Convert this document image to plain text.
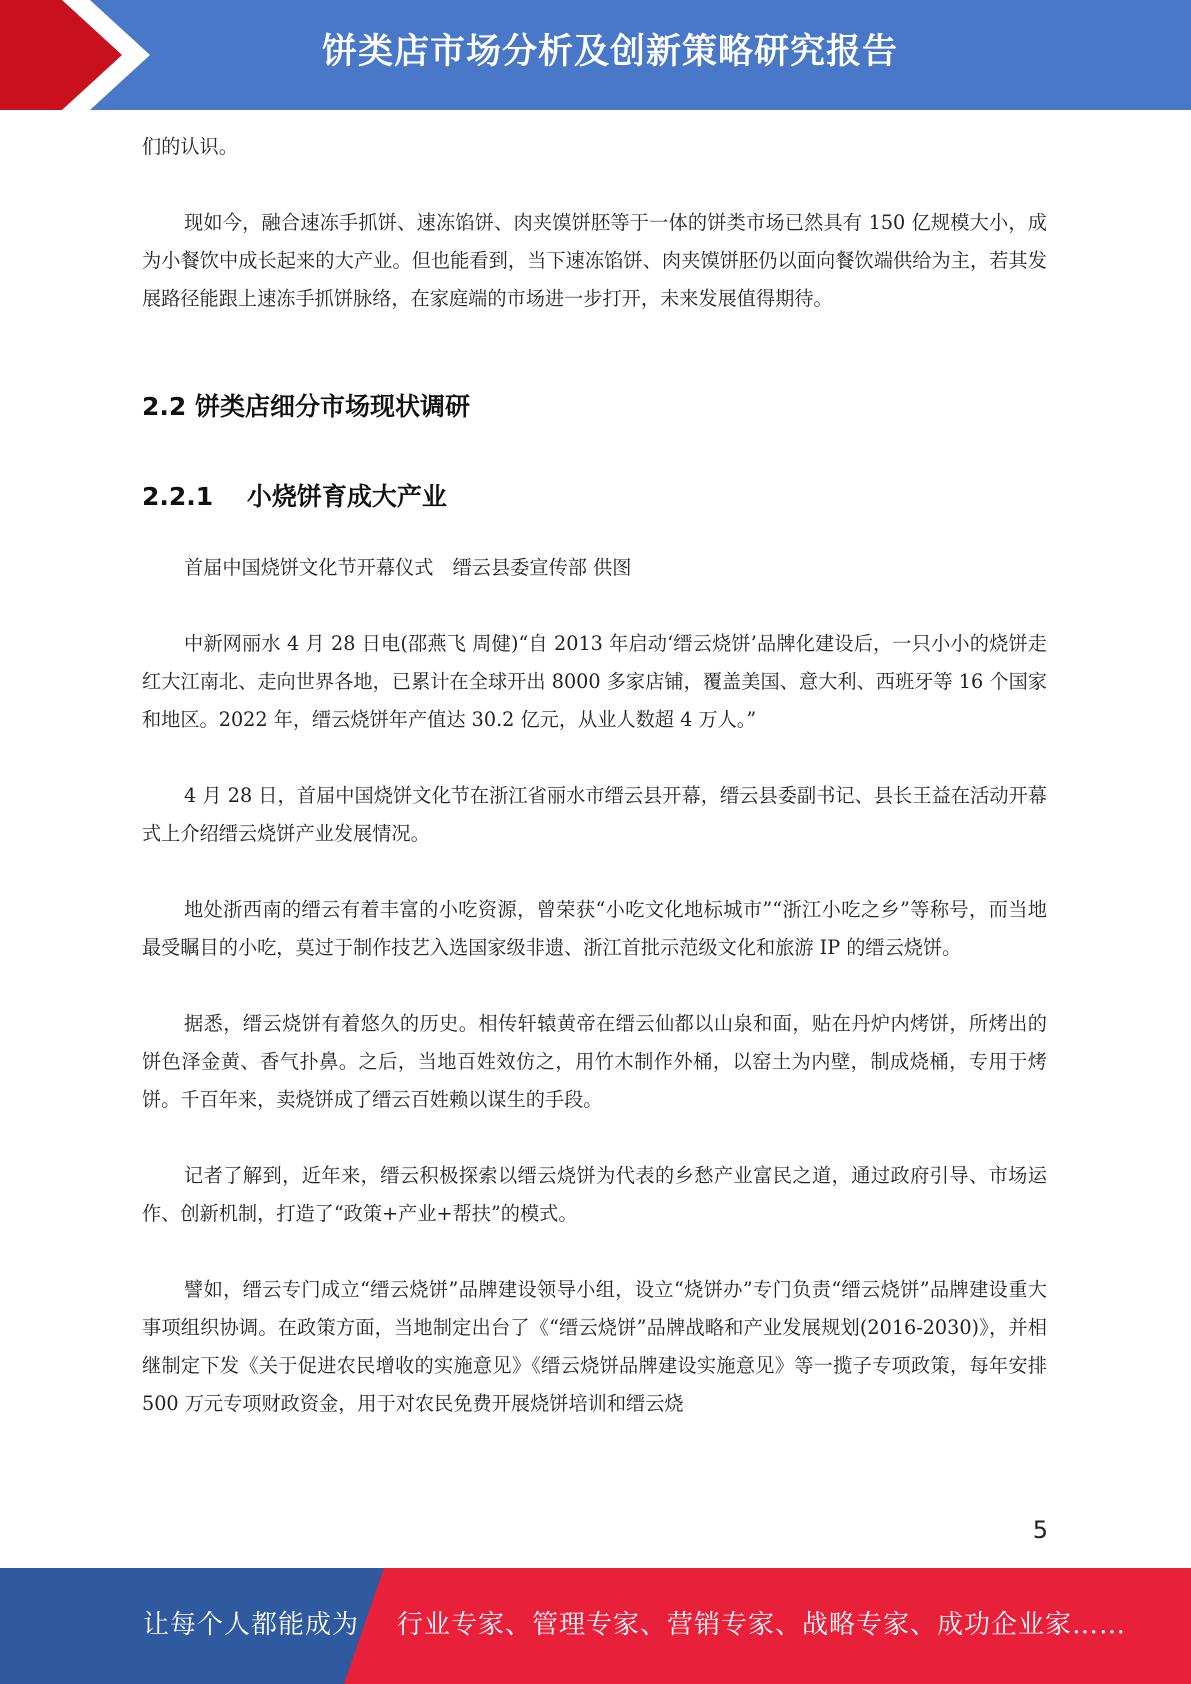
饼类店市场分析及创新策略研究报告

们的认识。

现如今，融合速冻手抓饼、速冻馅饼、肉夹馍饼胚等于一体的饼类市场已然具有 150 亿规模大小，成为小餐饮中成长起来的大产业。但也能看到，当下速冻馅饼、肉夹馍饼胚仍以面向餐饮端供给为主，若其发展路径能跟上速冻手抓饼脉络，在家庭端的市场进一步打开，未来发展值得期待。

2.2 饼类店细分市场现状调研
2.2.1　 小烧饼育成大产业

首届中国烧饼文化节开幕仪式　缙云县委宣传部 供图

中新网丽水 4 月 28 日电(邵燕飞 周健)“自 2013 年启动‘缙云烧饼’品牌化建设后，一只小小的烧饼走红大江南北、走向世界各地，已累计在全球开出 8000 多家店铺，覆盖美国、意大利、西班牙等 16 个国家和地区。2022 年，缙云烧饼年产值达 30.2 亿元，从业人数超 4 万人。”

4 月 28 日，首届中国烧饼文化节在浙江省丽水市缙云县开幕，缙云县委副书记、县长王益在活动开幕式上介绍缙云烧饼产业发展情况。

地处浙西南的缙云有着丰富的小吃资源，曾荣获“小吃文化地标城市”“浙江小吃之乡”等称号，而当地最受瞩目的小吃，莫过于制作技艺入选国家级非遗、浙江首批示范级文化和旅游 IP 的缙云烧饼。

据悉，缙云烧饼有着悠久的历史。相传轩辕黄帝在缙云仙都以山泉和面，贴在丹炉内烤饼，所烤出的饼色泽金黄、香气扑鼻。之后，当地百姓效仿之，用竹木制作外桶，以窑土为内壁，制成烧桶，专用于烤饼。千百年来，卖烧饼成了缙云百姓赖以谋生的手段。

记者了解到，近年来，缙云积极探索以缙云烧饼为代表的乡愁产业富民之道，通过政府引导、市场运作、创新机制，打造了“政策+产业+帮扶”的模式。

譬如，缙云专门成立“缙云烧饼”品牌建设领导小组，设立“烧饼办”专门负责“缙云烧饼”品牌建设重大事项组织协调。在政策方面，当地制定出台了《“缙云烧饼”品牌战略和产业发展规划(2016-2030)》，并相继制定下发《关于促进农民增收的实施意见》《缙云烧饼品牌建设实施意见》等一揽子专项政策，每年安排 500 万元专项财政资金，用于对农民免费开展烧饼培训和缙云烧

5
让每个人都能成为 行业专家、管理专家、营销专家、战略专家、成功企业家……
